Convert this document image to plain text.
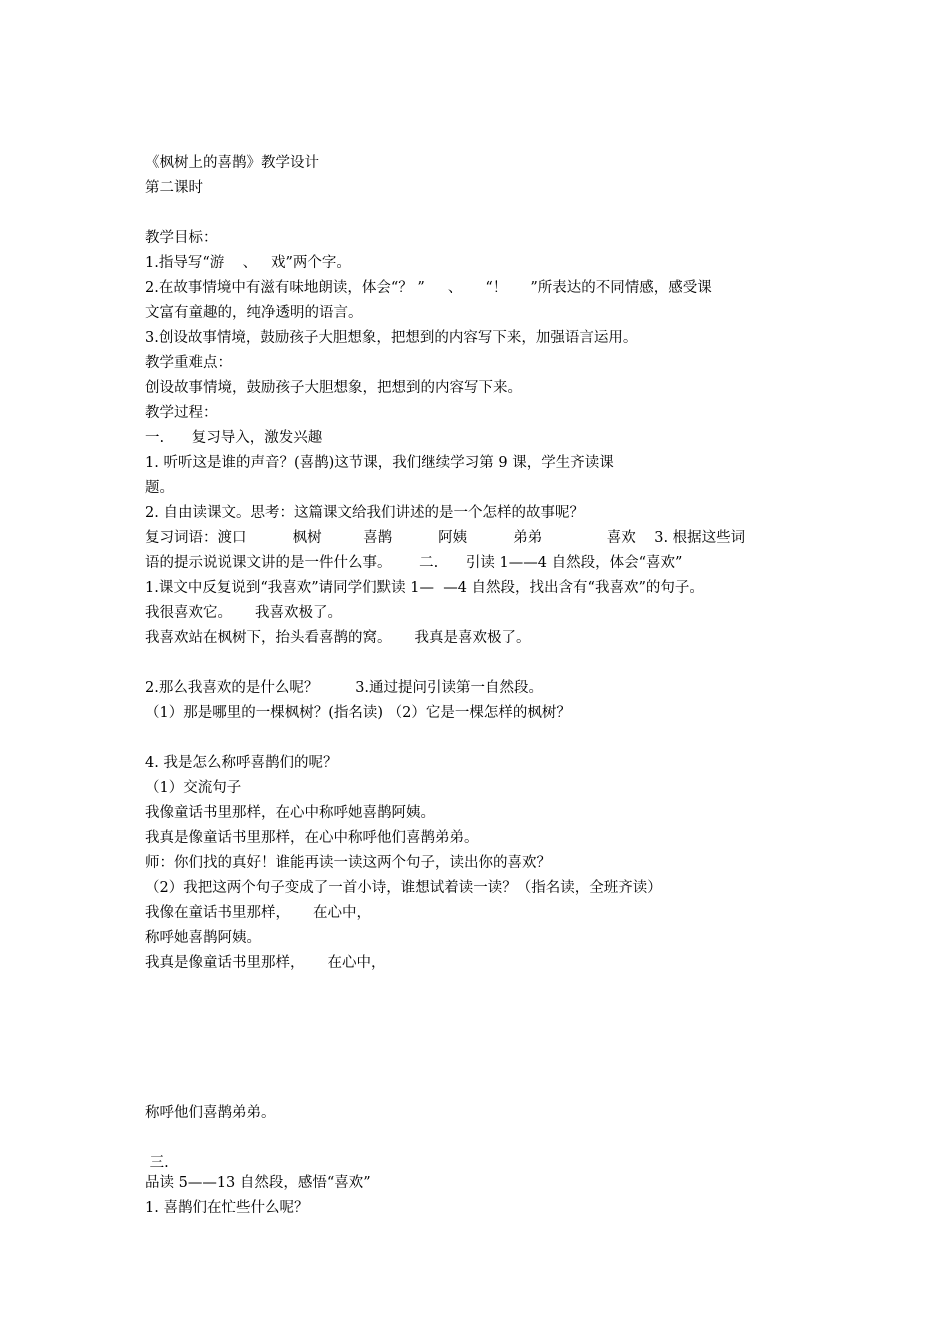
《枫树上的喜鹊》教学设计
第二课时
教学目标：
1.指导写“游    、   戏”两个字。
2.在故事情境中有滋有味地朗读，体会“？ ”     、     “！     ”所表达的不同情感，感受课
文富有童趣的，纯净透明的语言。
3.创设故事情境，鼓励孩子大胆想象，把想到的内容写下来，加强语言运用。
教学重难点：
创设故事情境，鼓励孩子大胆想象，把想到的内容写下来。
教学过程：
一.      复习导入，激发兴趣
1. 听听这是谁的声音？(喜鹊)这节课，我们继续学习第 9 课，学生齐读课
题。
2. 自由读课文。思考：这篇课文给我们讲述的是一个怎样的故事呢？
复习词语：渡口          枫树         喜鹊          阿姨          弟弟              喜欢    3. 根据这些词
语的提示说说课文讲的是一件什么事。      二.      引读 1——4 自然段，体会“喜欢”
1.课文中反复说到“我喜欢”请同学们默读 1—  —4 自然段，找出含有“我喜欢”的句子。
我很喜欢它。     我喜欢极了。
我喜欢站在枫树下，抬头看喜鹊的窝。     我真是喜欢极了。
2.那么我喜欢的是什么呢？        3.通过提问引读第一自然段。
（1）那是哪里的一棵枫树？(指名读) （2）它是一棵怎样的枫树？
4. 我是怎么称呼喜鹊们的呢？
（1）交流句子
我像童话书里那样，在心中称呼她喜鹊阿姨。
我真是像童话书里那样，在心中称呼他们喜鹊弟弟。
师：你们找的真好！谁能再读一读这两个句子，读出你的喜欢？
（2）我把这两个句子变成了一首小诗，谁想试着读一读？（指名读，全班齐读）
我像在童话书里那样，     在心中，
称呼她喜鹊阿姨。
我真是像童话书里那样，     在心中，
称呼他们喜鹊弟弟。
三.
品读 5——13 自然段，感悟“喜欢”
1. 喜鹊们在忙些什么呢？
